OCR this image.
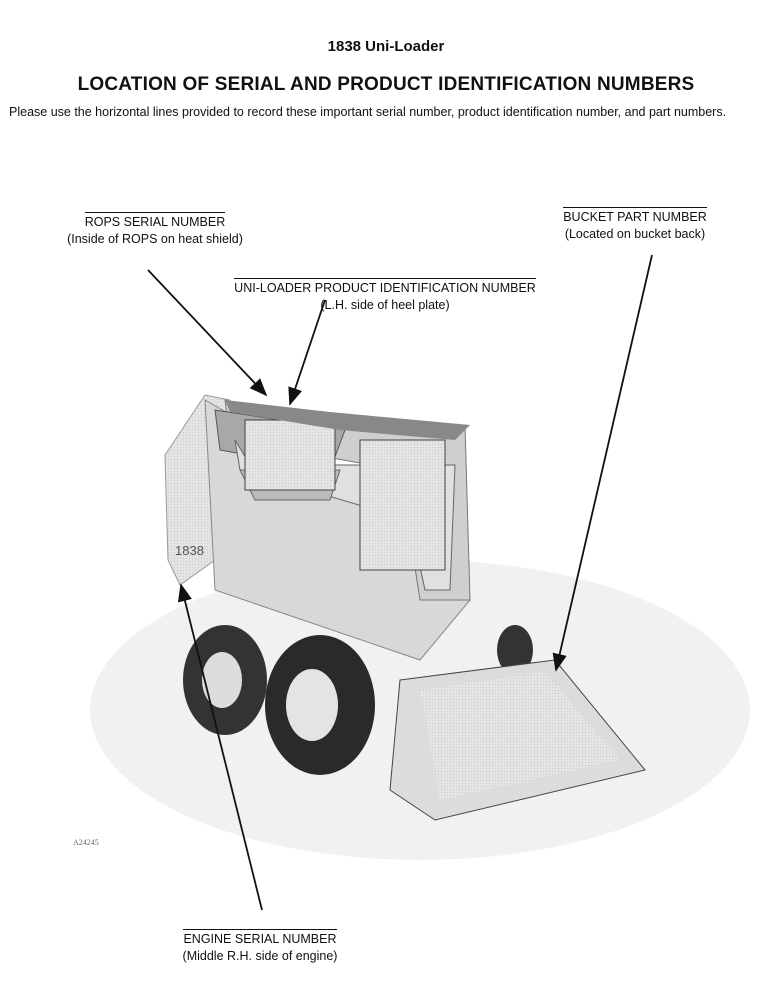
1838 Uni-Loader
LOCATION OF SERIAL AND PRODUCT IDENTIFICATION NUMBERS
Please use the horizontal lines provided to record these important serial number, product identification number, and part numbers.
1838
ROPS SERIAL NUMBER
(Inside of ROPS on heat shield)
BUCKET PART NUMBER
(Located on bucket back)
UNI-LOADER PRODUCT IDENTIFICATION NUMBER
(L.H. side of heel plate)
ENGINE SERIAL NUMBER
(Middle R.H. side of engine)
A24245
